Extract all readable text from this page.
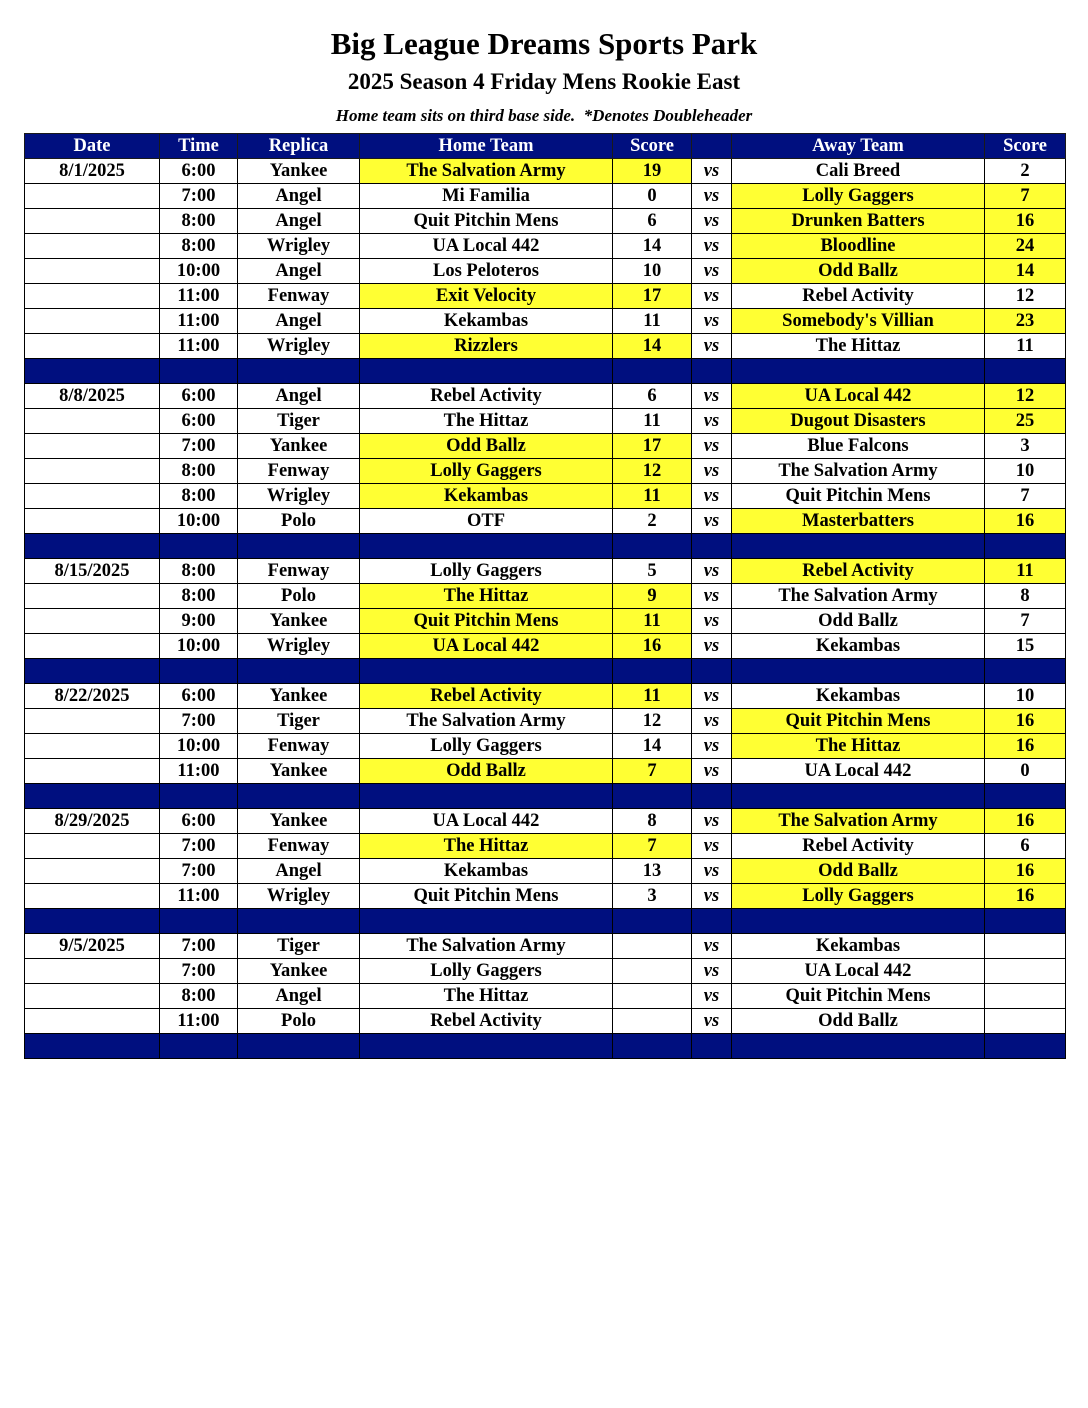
Big League Dreams Sports Park
2025 Season 4 Friday Mens Rookie East
Home team sits on third base side.  *Denotes Doubleheader
Date	Time	Replica	Home Team	Score		Away Team	Score
8/1/2025	6:00	Yankee	The Salvation Army	19	vs	Cali Breed	2
	7:00	Angel	Mi Familia	0	vs	Lolly Gaggers	7
	8:00	Angel	Quit Pitchin Mens	6	vs	Drunken Batters	16
	8:00	Wrigley	UA Local 442	14	vs	Bloodline	24
	10:00	Angel	Los Peloteros	10	vs	Odd Ballz	14
	11:00	Fenway	Exit Velocity	17	vs	Rebel Activity	12
	11:00	Angel	Kekambas	11	vs	Somebody's Villian	23
	11:00	Wrigley	Rizzlers	14	vs	The Hittaz	11

8/8/2025	6:00	Angel	Rebel Activity	6	vs	UA Local 442	12
	6:00	Tiger	The Hittaz	11	vs	Dugout Disasters	25
	7:00	Yankee	Odd Ballz	17	vs	Blue Falcons	3
	8:00	Fenway	Lolly Gaggers	12	vs	The Salvation Army	10
	8:00	Wrigley	Kekambas	11	vs	Quit Pitchin Mens	7
	10:00	Polo	OTF	2	vs	Masterbatters	16

8/15/2025	8:00	Fenway	Lolly Gaggers	5	vs	Rebel Activity	11
	8:00	Polo	The Hittaz	9	vs	The Salvation Army	8
	9:00	Yankee	Quit Pitchin Mens	11	vs	Odd Ballz	7
	10:00	Wrigley	UA Local 442	16	vs	Kekambas	15

8/22/2025	6:00	Yankee	Rebel Activity	11	vs	Kekambas	10
	7:00	Tiger	The Salvation Army	12	vs	Quit Pitchin Mens	16
	10:00	Fenway	Lolly Gaggers	14	vs	The Hittaz	16
	11:00	Yankee	Odd Ballz	7	vs	UA Local 442	0

8/29/2025	6:00	Yankee	UA Local 442	8	vs	The Salvation Army	16
	7:00	Fenway	The Hittaz	7	vs	Rebel Activity	6
	7:00	Angel	Kekambas	13	vs	Odd Ballz	16
	11:00	Wrigley	Quit Pitchin Mens	3	vs	Lolly Gaggers	16

9/5/2025	7:00	Tiger	The Salvation Army		vs	Kekambas	
	7:00	Yankee	Lolly Gaggers		vs	UA Local 442	
	8:00	Angel	The Hittaz		vs	Quit Pitchin Mens	
	11:00	Polo	Rebel Activity		vs	Odd Ballz	
